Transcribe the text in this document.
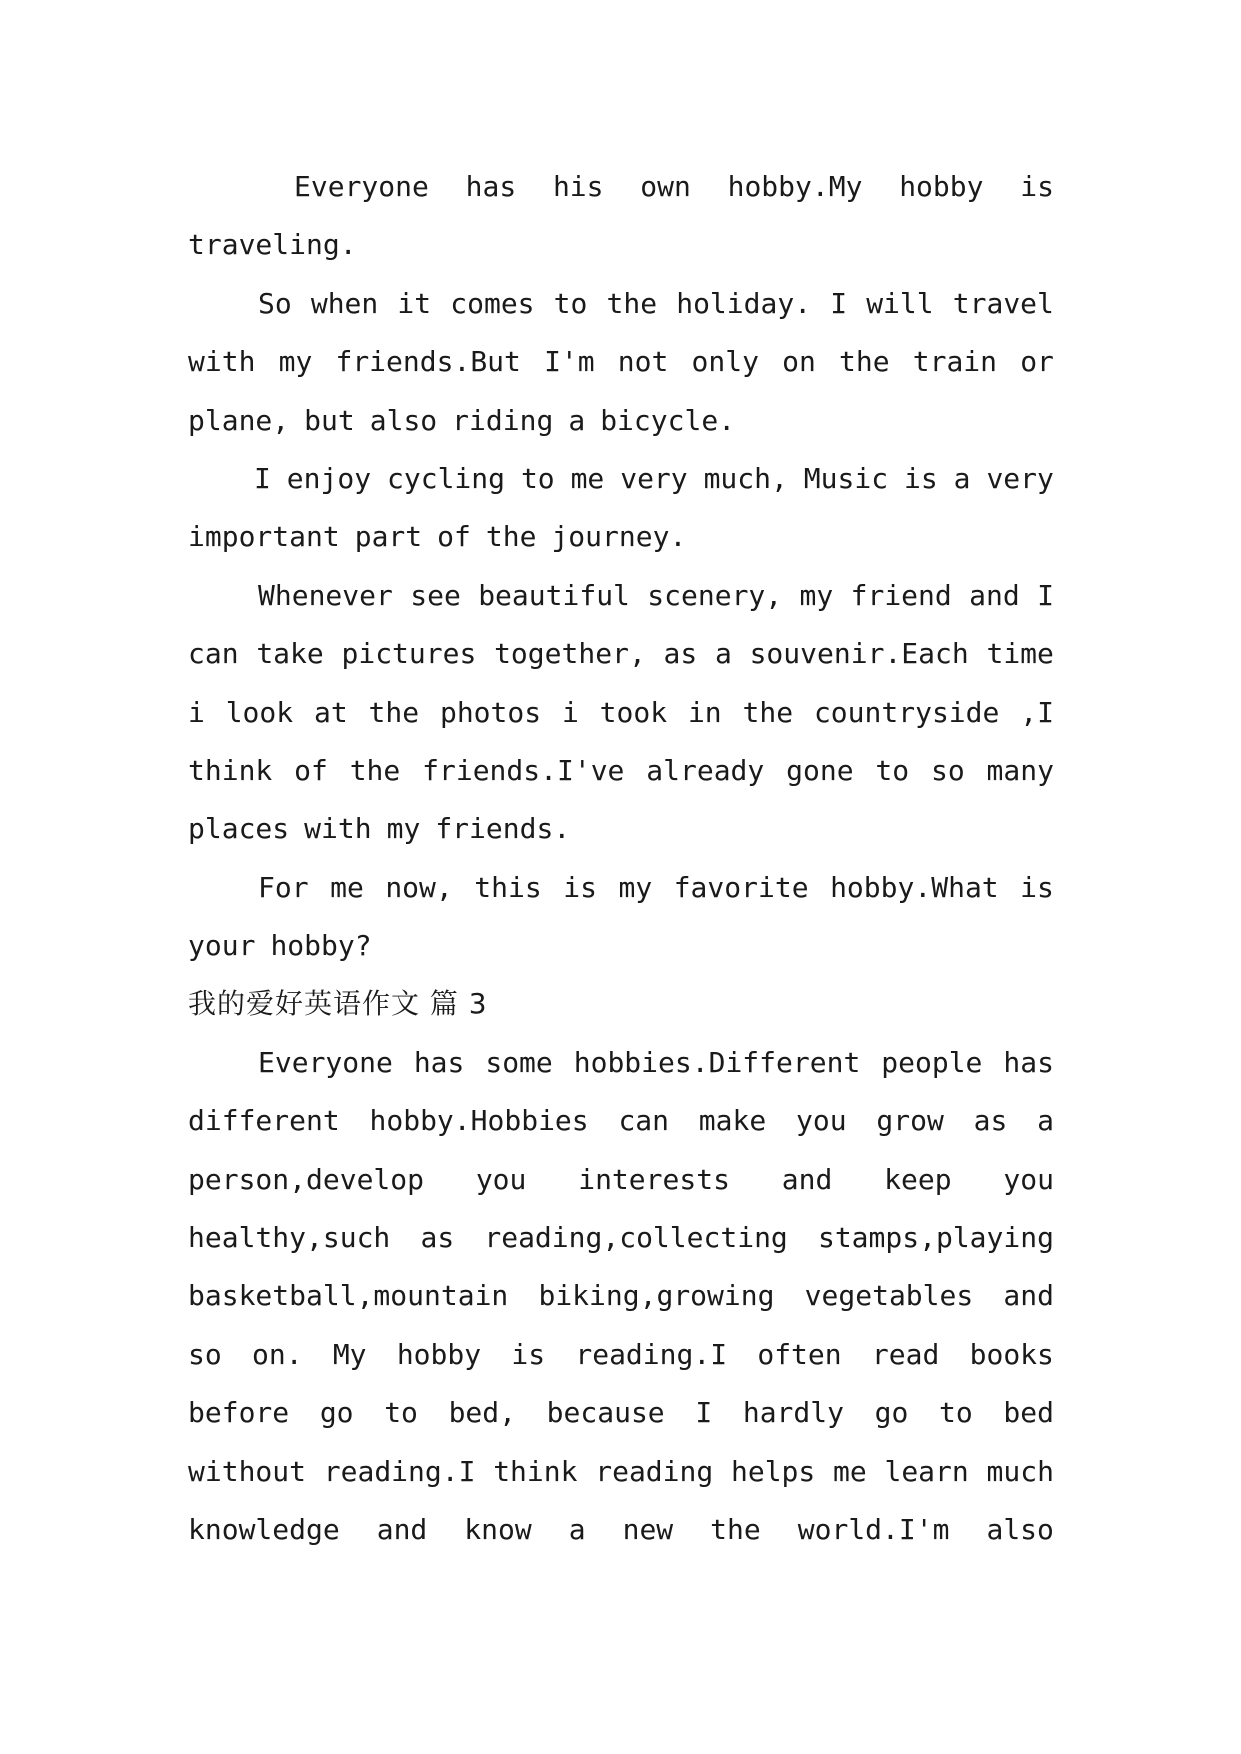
Everyone has his own hobby.My hobby is
traveling.
So when it comes to the holiday. I will travel
with my friends.But I'm not only on the train or
plane, but also riding a bicycle.
I enjoy cycling to me very much, Music is a very
important part of the journey.
Whenever see beautiful scenery, my friend and I
can take pictures together, as a souvenir.Each time
i look at the photos i took in the countryside ,I
think of the friends.I've already gone to so many
places with my friends.
For me now, this is my favorite hobby.What is
your hobby?
我的爱好英语作文 篇 3
Everyone has some hobbies.Different people has
different hobby.Hobbies can make you grow as a
person,develop you interests and keep you
healthy,such as reading,collecting stamps,playing
basketball,mountain biking,growing vegetables and
so on. My hobby is reading.I often read books
before go to bed, because I hardly go to bed
without reading.I think reading helps me learn much
knowledge and know a new the world.I'm also
